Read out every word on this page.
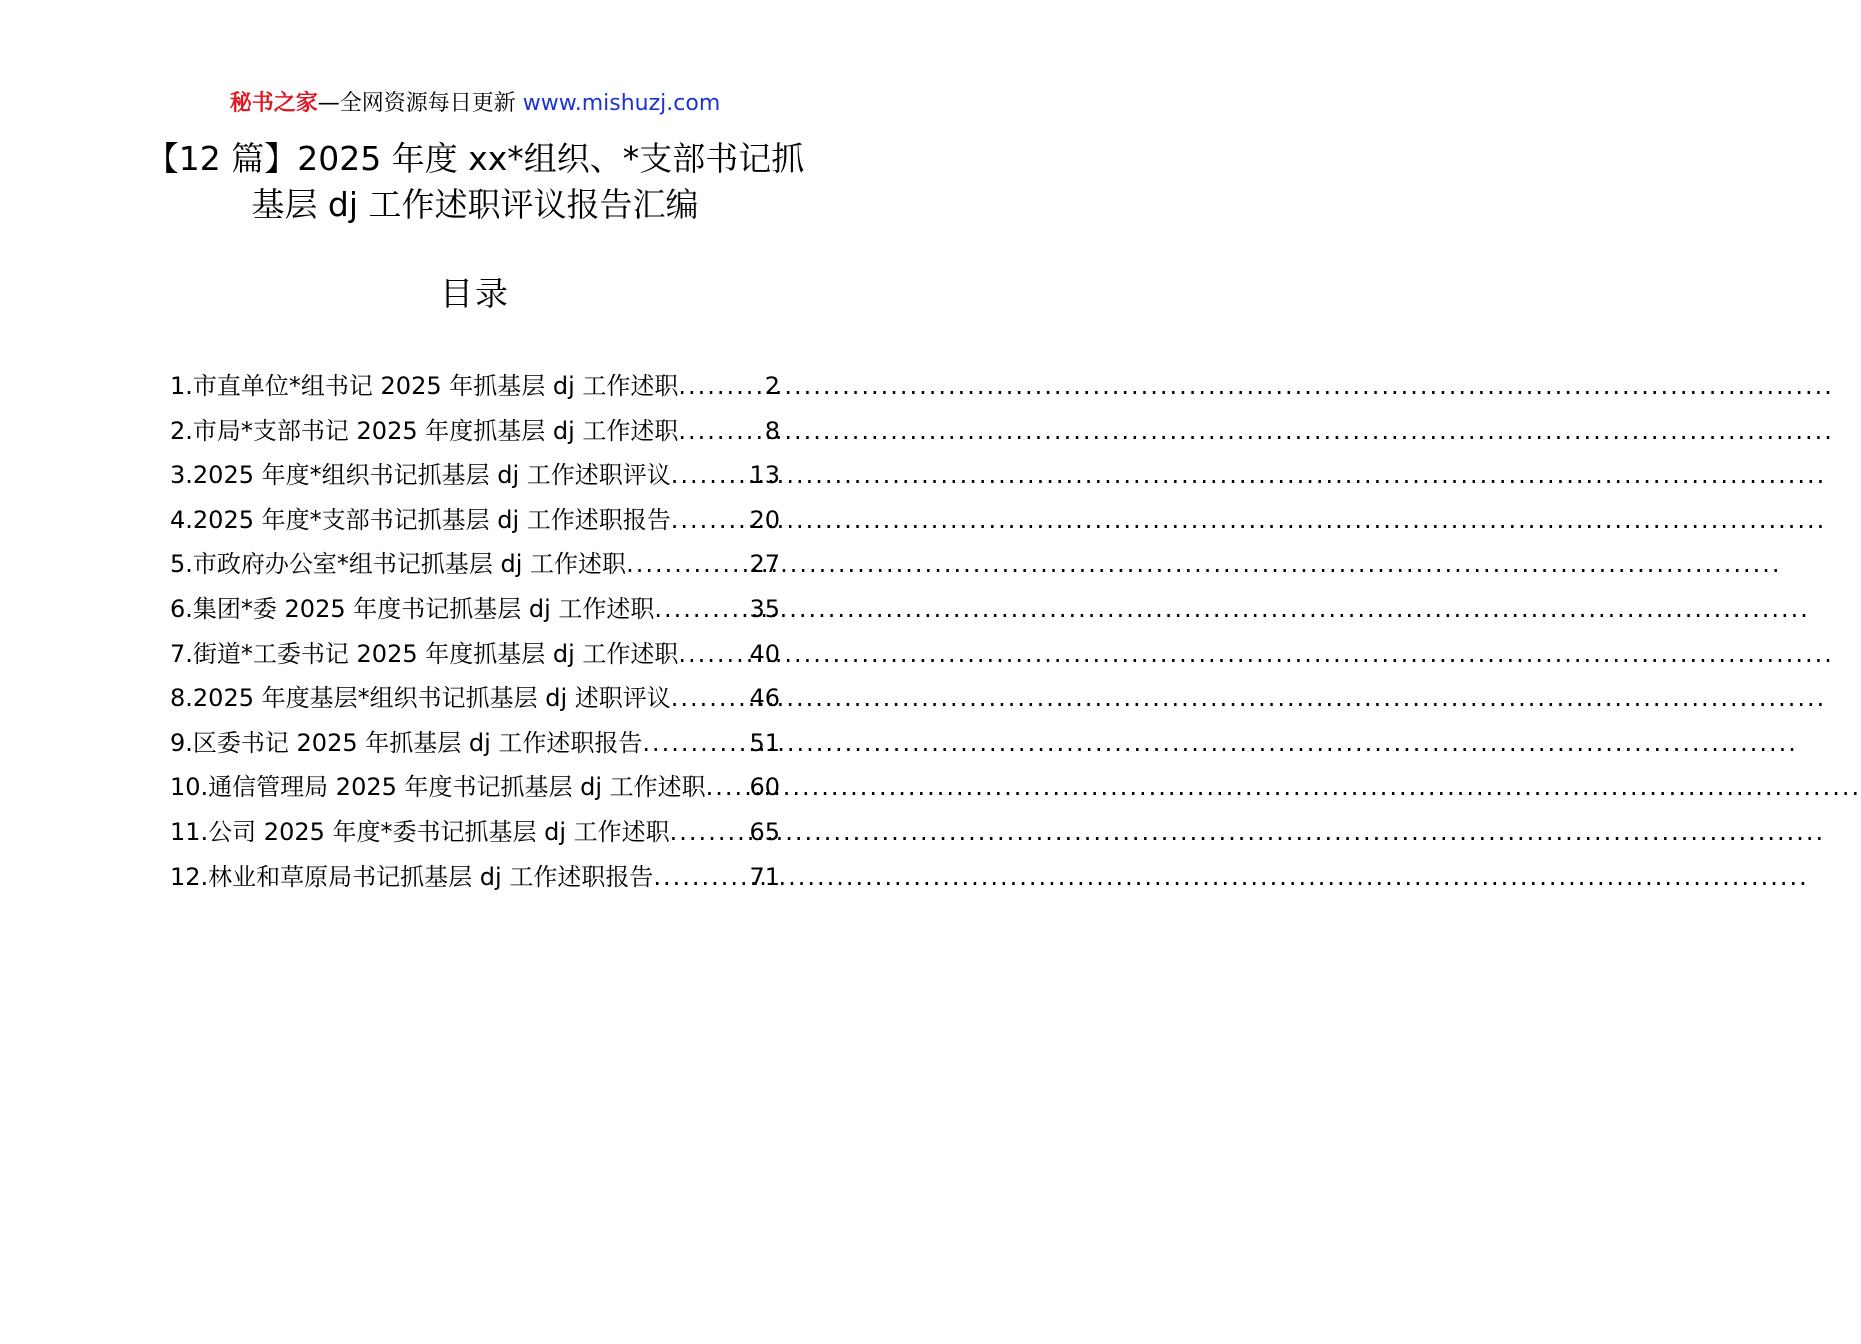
秘书之家—全网资源每日更新 www.mishuzj.com
【12 篇】2025 年度 xx*组织、*支部书记抓
基层 dj 工作述职评议报告汇编
目录
1.市直单位*组书记 2025 年抓基层 dj 工作述职 .....	2
2.市局*支部书记 2025 年度抓基层 dj 工作述职 .....	8
3.2025 年度*组织书记抓基层 dj 工作述职评议 .....	13
4.2025 年度*支部书记抓基层 dj 工作述职报告 .....	20
5.市政府办公室*组书记抓基层 dj 工作述职 .....	27
6.集团*委 2025 年度书记抓基层 dj 工作述职 .....	35
7.街道*工委书记 2025 年度抓基层 dj 工作述职 .....	40
8.2025 年度基层*组织书记抓基层 dj 述职评议 .....	46
9.区委书记 2025 年抓基层 dj 工作述职报告 .....	51
10.通信管理局 2025 年度书记抓基层 dj 工作述职 ..... 60
11.公司 2025 年度*委书记抓基层 dj 工作述职 .....	65
12.林业和草原局书记抓基层 dj 工作述职报告 .....	71
